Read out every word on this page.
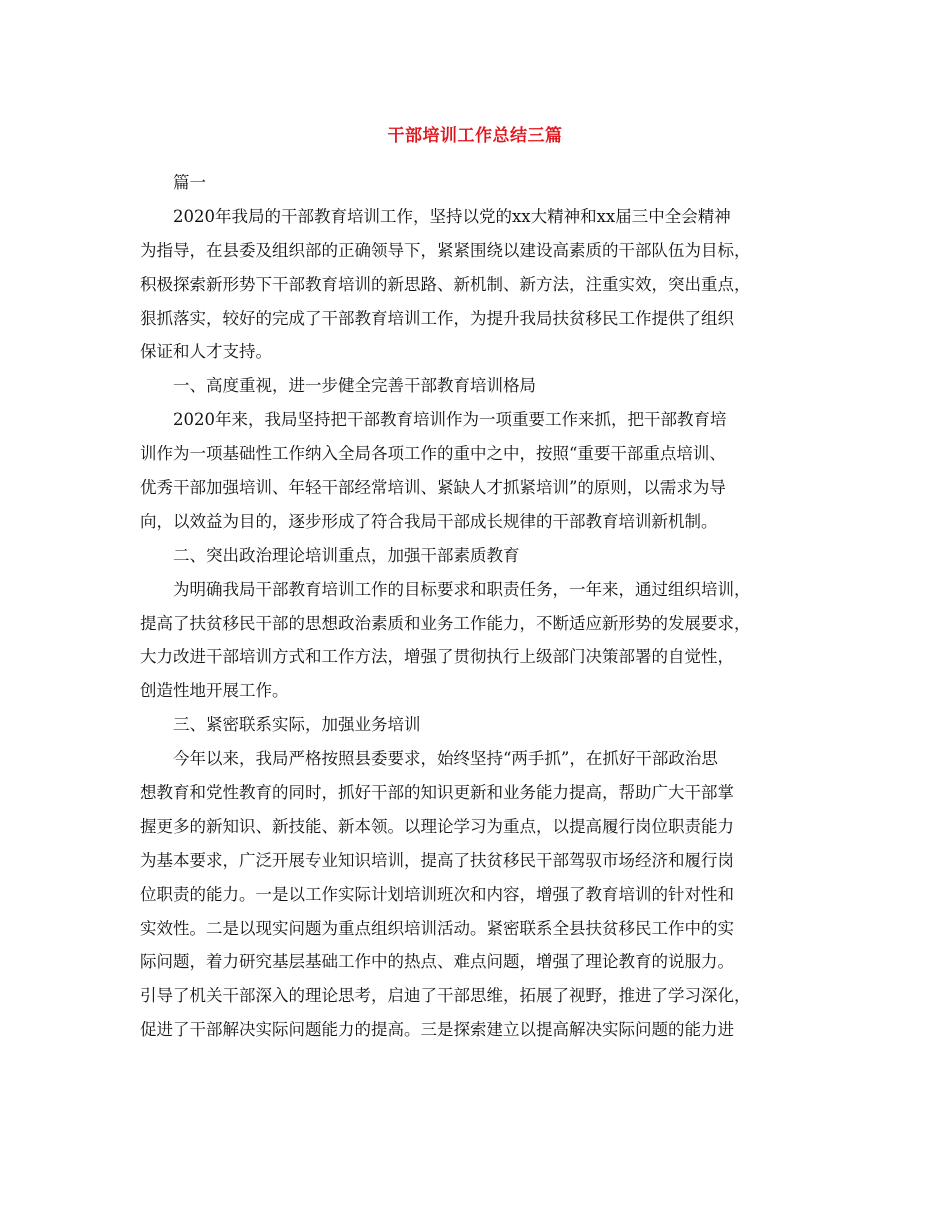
干部培训工作总结三篇
篇一
2020年我局的干部教育培训工作，坚持以党的xx大精神和xx届三中全会精神
为指导，在县委及组织部的正确领导下，紧紧围绕以建设高素质的干部队伍为目标，
积极探索新形势下干部教育培训的新思路、新机制、新方法，注重实效，突出重点，
狠抓落实，较好的完成了干部教育培训工作，为提升我局扶贫移民工作提供了组织
保证和人才支持。
一、高度重视，进一步健全完善干部教育培训格局
2020年来，我局坚持把干部教育培训作为一项重要工作来抓，把干部教育培
训作为一项基础性工作纳入全局各项工作的重中之中，按照“重要干部重点培训、
优秀干部加强培训、年轻干部经常培训、紧缺人才抓紧培训”的原则，以需求为导
向，以效益为目的，逐步形成了符合我局干部成长规律的干部教育培训新机制。
二、突出政治理论培训重点，加强干部素质教育
为明确我局干部教育培训工作的目标要求和职责任务，一年来，通过组织培训，
提高了扶贫移民干部的思想政治素质和业务工作能力，不断适应新形势的发展要求，
大力改进干部培训方式和工作方法，增强了贯彻执行上级部门决策部署的自觉性，
创造性地开展工作。
三、紧密联系实际，加强业务培训
今年以来，我局严格按照县委要求，始终坚持“两手抓”，在抓好干部政治思
想教育和党性教育的同时，抓好干部的知识更新和业务能力提高，帮助广大干部掌
握更多的新知识、新技能、新本领。以理论学习为重点，以提高履行岗位职责能力
为基本要求，广泛开展专业知识培训，提高了扶贫移民干部驾驭市场经济和履行岗
位职责的能力。一是以工作实际计划培训班次和内容，增强了教育培训的针对性和
实效性。二是以现实问题为重点组织培训活动。紧密联系全县扶贫移民工作中的实
际问题，着力研究基层基础工作中的热点、难点问题，增强了理论教育的说服力。
引导了机关干部深入的理论思考，启迪了干部思维，拓展了视野，推进了学习深化，
促进了干部解决实际问题能力的提高。三是探索建立以提高解决实际问题的能力进
